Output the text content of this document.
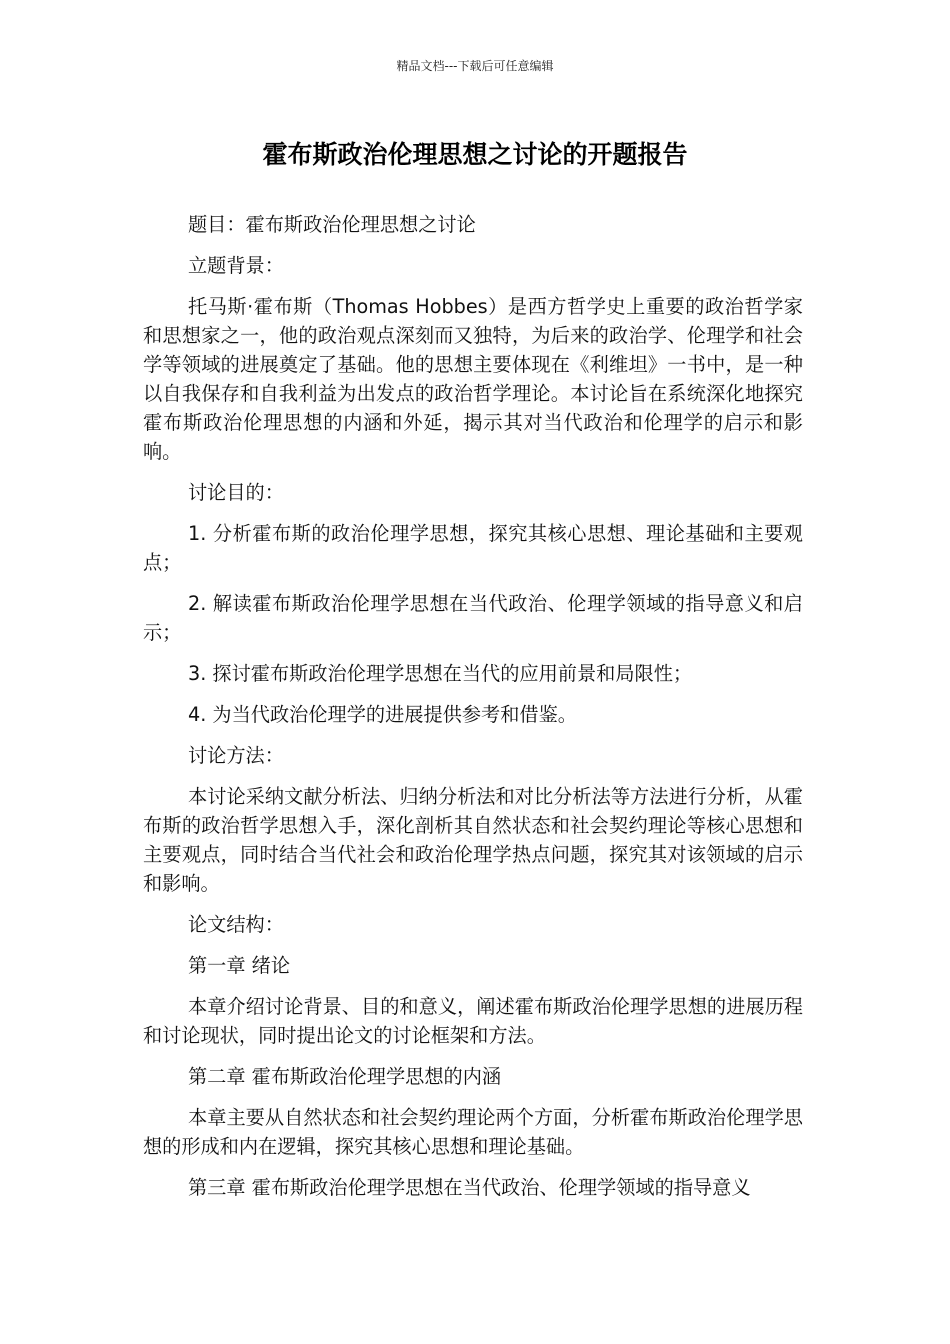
精品文档---下载后可任意编辑
霍布斯政治伦理思想之讨论的开题报告

题目：霍布斯政治伦理思想之讨论

立题背景：

托马斯·霍布斯（Thomas Hobbes）是西方哲学史上重要的政治哲学家和思想家之一，他的政治观点深刻而又独特，为后来的政治学、伦理学和社会学等领域的进展奠定了基础。他的思想主要体现在《利维坦》一书中，是一种以自我保存和自我利益为出发点的政治哲学理论。本讨论旨在系统深化地探究霍布斯政治伦理思想的内涵和外延，揭示其对当代政治和伦理学的启示和影响。

讨论目的：

1. 分析霍布斯的政治伦理学思想，探究其核心思想、理论基础和主要观点；

2. 解读霍布斯政治伦理学思想在当代政治、伦理学领域的指导意义和启示；

3. 探讨霍布斯政治伦理学思想在当代的应用前景和局限性；

4. 为当代政治伦理学的进展提供参考和借鉴。

讨论方法：

本讨论采纳文献分析法、归纳分析法和对比分析法等方法进行分析，从霍布斯的政治哲学思想入手，深化剖析其自然状态和社会契约理论等核心思想和主要观点，同时结合当代社会和政治伦理学热点问题，探究其对该领域的启示和影响。

论文结构：

第一章 绪论

本章介绍讨论背景、目的和意义，阐述霍布斯政治伦理学思想的进展历程和讨论现状，同时提出论文的讨论框架和方法。

第二章 霍布斯政治伦理学思想的内涵

本章主要从自然状态和社会契约理论两个方面，分析霍布斯政治伦理学思想的形成和内在逻辑，探究其核心思想和理论基础。

第三章 霍布斯政治伦理学思想在当代政治、伦理学领域的指导意义
